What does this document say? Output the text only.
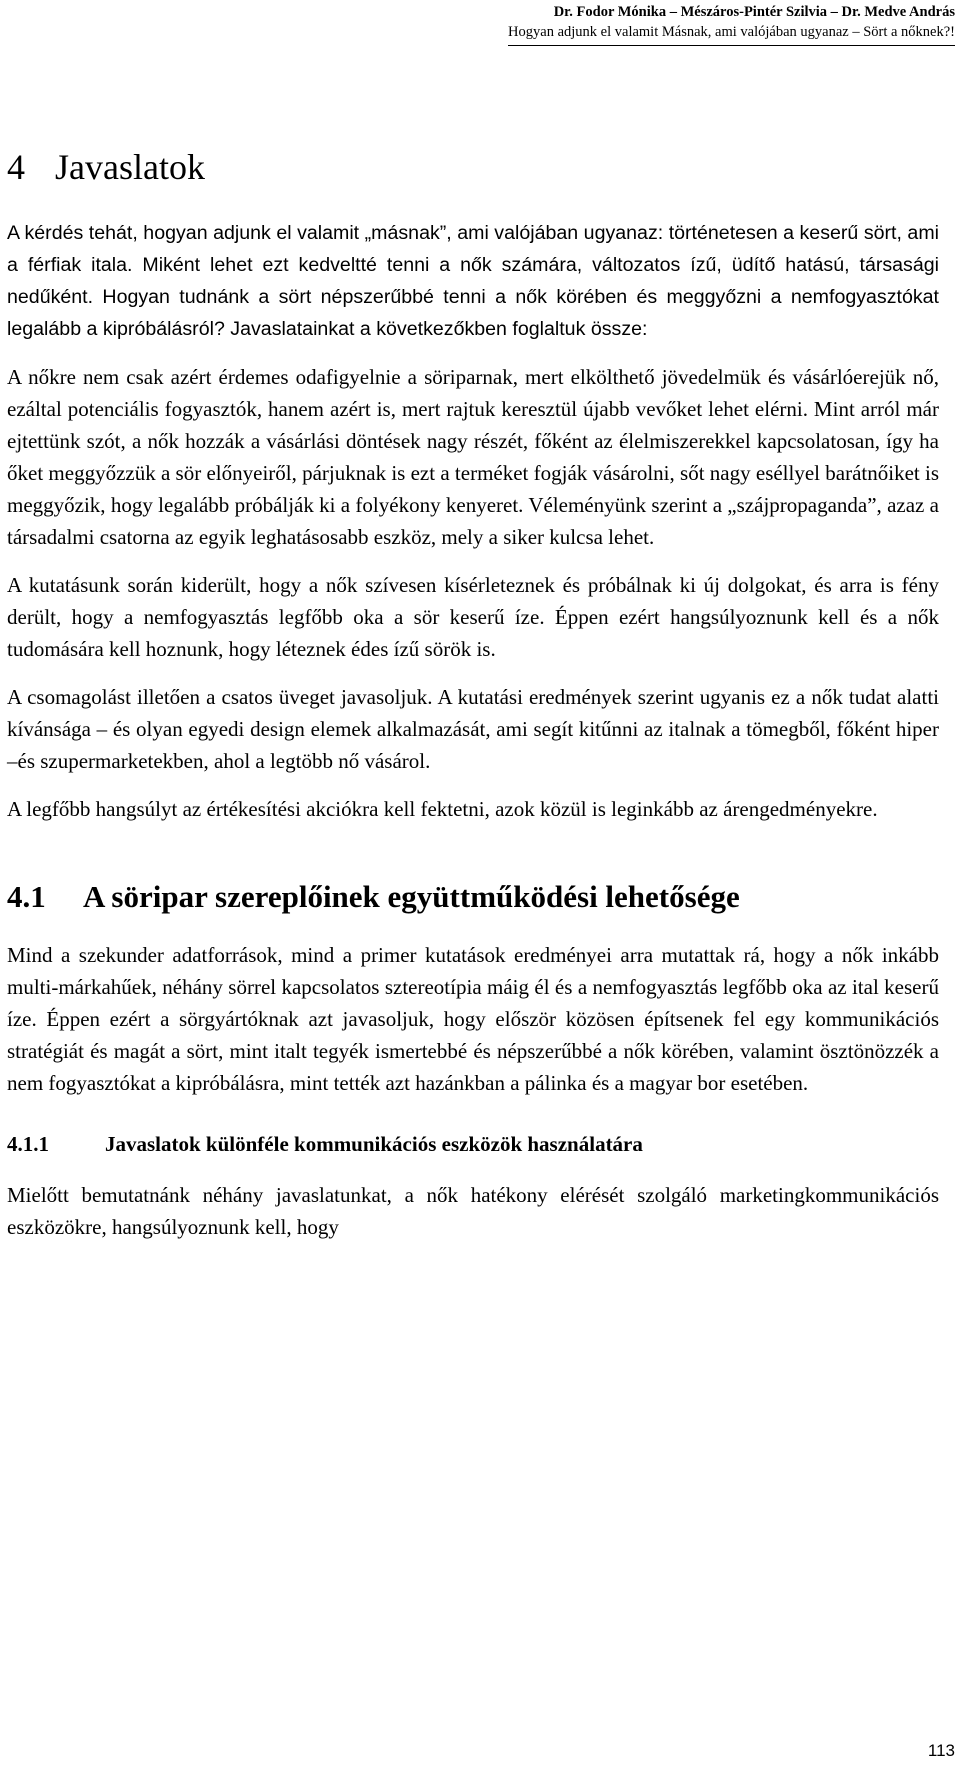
Dr. Fodor Mónika – Mészáros-Pintér Szilvia – Dr. Medve András
Hogyan adjunk el valamit Másnak, ami valójában ugyanaz – Sört a nőknek?!
4 Javaslatok

A kérdés tehát, hogyan adjunk el valamit „másnak”, ami valójában ugyanaz: történetesen a keserű sört, ami a férfiak itala. Miként lehet ezt kedveltté tenni a nők számára, változatos ízű, üdítő hatású, társasági nedűként. Hogyan tudnánk a sört népszerűbbé tenni a nők körében és meggyőzni a nemfogyasztókat legalább a kipróbálásról? Javaslatainkat a következőkben foglaltuk össze:

A nőkre nem csak azért érdemes odafigyelnie a söriparnak, mert elkölthető jövedelmük és vásárlóerejük nő, ezáltal potenciális fogyasztók, hanem azért is, mert rajtuk keresztül újabb vevőket lehet elérni. Mint arról már ejtettünk szót, a nők hozzák a vásárlási döntések nagy részét, főként az élelmiszerekkel kapcsolatosan, így ha őket meggyőzzük a sör előnyeiről, párjuknak is ezt a terméket fogják vásárolni, sőt nagy eséllyel barátnőiket is meggyőzik, hogy legalább próbálják ki a folyékony kenyeret. Véleményünk szerint a „szájpropaganda”, azaz a társadalmi csatorna az egyik leghatásosabb eszköz, mely a siker kulcsa lehet.

A kutatásunk során kiderült, hogy a nők szívesen kísérleteznek és próbálnak ki új dolgokat, és arra is fény derült, hogy a nemfogyasztás legfőbb oka a sör keserű íze. Éppen ezért hangsúlyoznunk kell és a nők tudomására kell hoznunk, hogy léteznek édes ízű sörök is.

A csomagolást illetően a csatos üveget javasoljuk. A kutatási eredmények szerint ugyanis ez a nők tudat alatti kívánsága – és olyan egyedi design elemek alkalmazását, ami segít kitűnni az italnak a tömegből, főként hiper –és szupermarketekben, ahol a legtöbb nő vásárol.

A legfőbb hangsúlyt az értékesítési akciókra kell fektetni, azok közül is leginkább az árengedményekre.

4.1 A söripar szereplőinek együttműködési lehetősége

Mind a szekunder adatforrások, mind a primer kutatások eredményei arra mutattak rá, hogy a nők inkább multi-márkahűek, néhány sörrel kapcsolatos sztereotípia máig él és a nemfogyasztás legfőbb oka az ital keserű íze. Éppen ezért a sörgyártóknak azt javasoljuk, hogy először közösen építsenek fel egy kommunikációs stratégiát és magát a sört, mint italt tegyék ismertebbé és népszerűbbé a nők körében, valamint ösztönözzék a nem fogyasztókat a kipróbálásra, mint tették azt hazánkban a pálinka és a magyar bor esetében.

4.1.1	Javaslatok különféle kommunikációs eszközök használatára

Mielőtt bemutatnánk néhány javaslatunkat, a nők hatékony elérését szolgáló marketingkommunikációs eszközökre, hangsúlyoznunk kell, hogy

113
